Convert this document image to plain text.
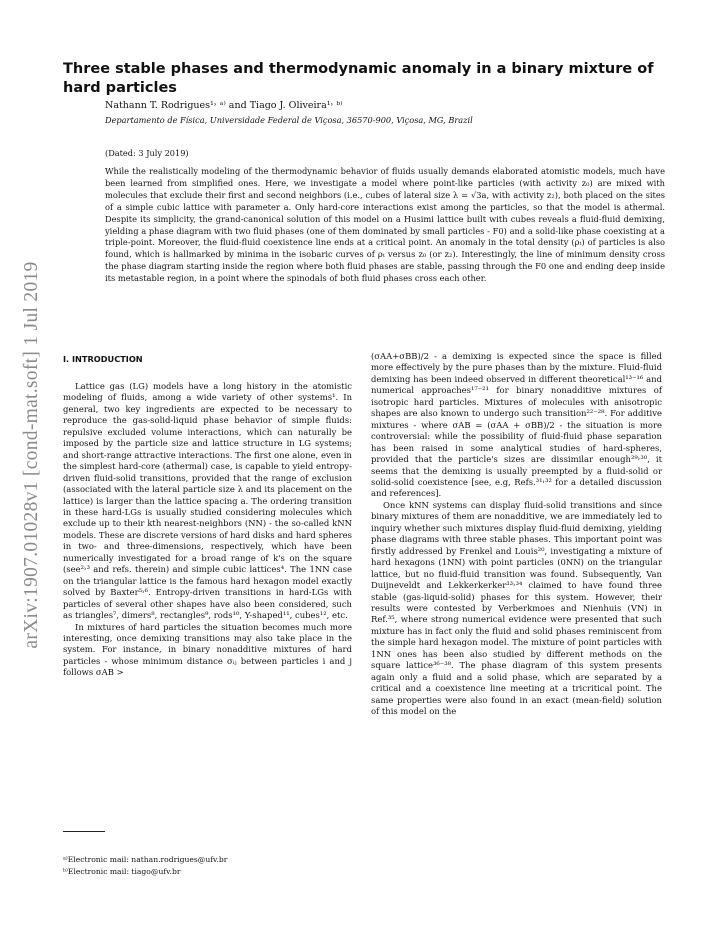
arXiv:1907.01028v1 [cond-mat.soft] 1 Jul 2019
Three stable phases and thermodynamic anomaly in a binary mixture of hard particles
Nathann T. Rodrigues¹˒ ᵃ⁾ and Tiago J. Oliveira¹˒ ᵇ⁾
Departamento de Física, Universidade Federal de Viçosa, 36570-900, Viçosa, MG, Brazil
(Dated: 3 July 2019)
While the realistically modeling of the thermodynamic behavior of fluids usually demands elaborated atomistic models, much have been learned from simplified ones. Here, we investigate a model where point-like particles (with activity z₀) are mixed with molecules that exclude their first and second neighbors (i.e., cubes of lateral size λ = √3a, with activity z₂), both placed on the sites of a simple cubic lattice with parameter a. Only hard-core interactions exist among the particles, so that the model is athermal. Despite its simplicity, the grand-canonical solution of this model on a Husimi lattice built with cubes reveals a fluid-fluid demixing, yielding a phase diagram with two fluid phases (one of them dominated by small particles - F0) and a solid-like phase coexisting at a triple-point. Moreover, the fluid-fluid coexistence line ends at a critical point. An anomaly in the total density (ρₜ) of particles is also found, which is hallmarked by minima in the isobaric curves of ρₜ versus z₀ (or z₂). Interestingly, the line of minimum density cross the phase diagram starting inside the region where both fluid phases are stable, passing through the F0 one and ending deep inside its metastable region, in a point where the spinodals of both fluid phases cross each other.
I. INTRODUCTION

Lattice gas (LG) models have a long history in the atomistic modeling of fluids, among a wide variety of other systems¹. In general, two key ingredients are expected to be necessary to reproduce the gas-solid-liquid phase behavior of simple fluids: repulsive excluded volume interactions, which can naturally be imposed by the particle size and lattice structure in LG systems; and short-range attractive interactions. The first one alone, even in the simplest hard-core (athermal) case, is capable to yield entropy-driven fluid-solid transitions, provided that the range of exclusion (associated with the lateral particle size λ and its placement on the lattice) is larger than the lattice spacing a. The ordering transition in these hard-LGs is usually studied considering molecules which exclude up to their kth nearest-neighbors (NN) - the so-called kNN models. These are discrete versions of hard disks and hard spheres in two- and three-dimensions, respectively, which have been numerically investigated for a broad range of k's on the square (see²˒³ and refs. therein) and simple cubic lattices⁴. The 1NN case on the triangular lattice is the famous hard hexagon model exactly solved by Baxter⁵˒⁶. Entropy-driven transitions in hard-LGs with particles of several other shapes have also been considered, such as triangles⁷, dimers⁸, rectangles⁹, rods¹⁰, Y-shaped¹¹, cubes¹², etc.

In mixtures of hard particles the situation becomes much more interesting, once demixing transitions may also take place in the system. For instance, in binary nonadditive mixtures of hard particles - whose minimum distance σᵢⱼ between particles i and j follows σAB >

(σAA+σBB)/2 - a demixing is expected since the space is filled more effectively by the pure phases than by the mixture. Fluid-fluid demixing has been indeed observed in different theoretical¹³⁻¹⁶ and numerical approaches¹⁷⁻²¹ for binary nonadditive mixtures of isotropic hard particles. Mixtures of molecules with anisotropic shapes are also known to undergo such transition²²⁻²⁸. For additive mixtures - where σAB = (σAA + σBB)/2 - the situation is more controversial: while the possibility of fluid-fluid phase separation has been raised in some analytical studies of hard-spheres, provided that the particle's sizes are dissimilar enough²⁹˒³⁰, it seems that the demixing is usually preempted by a fluid-solid or solid-solid coexistence [see, e.g, Refs.³¹˒³² for a detailed discussion and references].

Once kNN systems can display fluid-solid transitions and since binary mixtures of them are nonadditive, we are immediately led to inquiry whether such mixtures display fluid-fluid demixing, yielding phase diagrams with three stable phases. This important point was firstly addressed by Frenkel and Louis²⁰, investigating a mixture of hard hexagons (1NN) with point particles (0NN) on the triangular lattice, but no fluid-fluid transition was found. Subsequently, Van Duijneveldt and Lekkerkerker³³˒³⁴ claimed to have found three stable (gas-liquid-solid) phases for this system. However, their results were contested by Verberkmoes and Nienhuis (VN) in Ref.³⁵, where strong numerical evidence were presented that such mixture has in fact only the fluid and solid phases reminiscent from the simple hard hexagon model. The mixture of point particles with 1NN ones has been also studied by different methods on the square lattice³⁶⁻³⁸. The phase diagram of this system presents again only a fluid and a solid phase, which are separated by a critical and a coexistence line meeting at a tricritical point. The same properties were also found in an exact (mean-field) solution of this model on the

ᵃ⁾Electronic mail: nathan.rodrigues@ufv.br
ᵇ⁾Electronic mail: tiago@ufv.br
